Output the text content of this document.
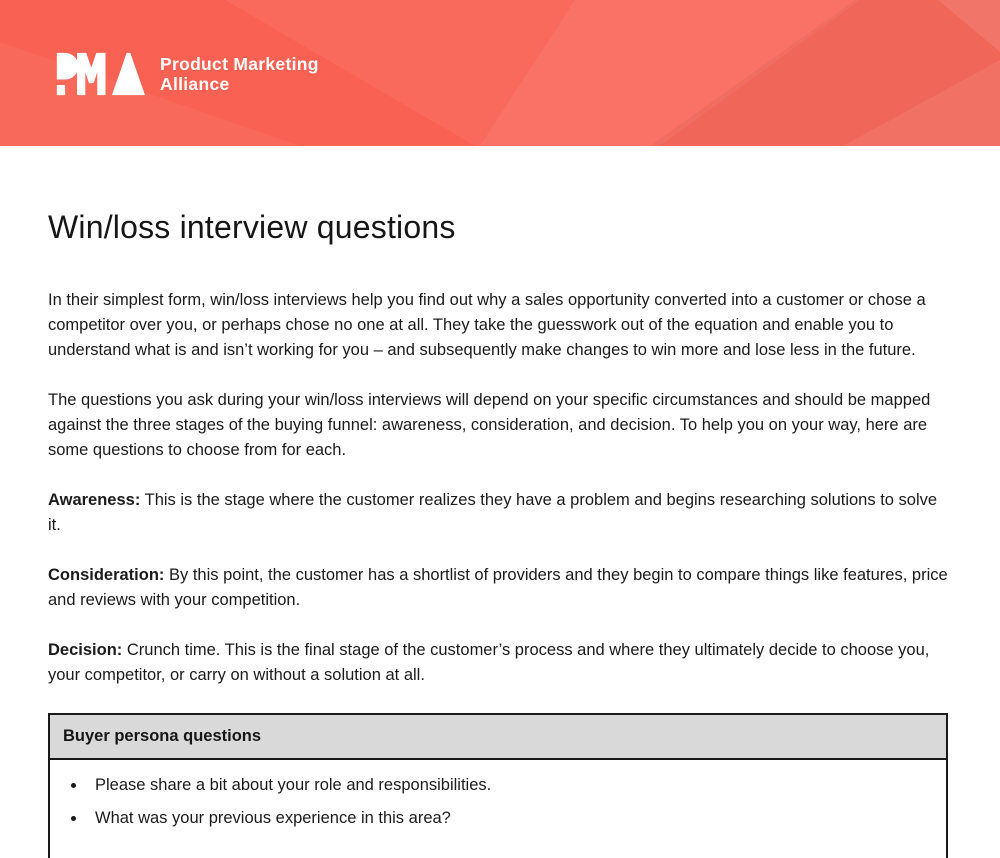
Product Marketing
Alliance
Win/loss interview questions

In their simplest form, win/loss interviews help you find out why a sales opportunity converted into a customer or chose a competitor over you, or perhaps chose no one at all. They take the guesswork out of the equation and enable you to understand what is and isn’t working for you – and subsequently make changes to win more and lose less in the future.

The questions you ask during your win/loss interviews will depend on your specific circumstances and should be mapped against the three stages of the buying funnel: awareness, consideration, and decision. To help you on your way, here are some questions to choose from for each.

Awareness: This is the stage where the customer realizes they have a problem and begins researching solutions to solve it.

Consideration: By this point, the customer has a shortlist of providers and they begin to compare things like features, price and reviews with your competition.

Decision: Crunch time. This is the final stage of the customer’s process and where they ultimately decide to choose you, your competitor, or carry on without a solution at all.

Buyer persona questions

• Please share a bit about your role and responsibilities.
• What was your previous experience in this area?
